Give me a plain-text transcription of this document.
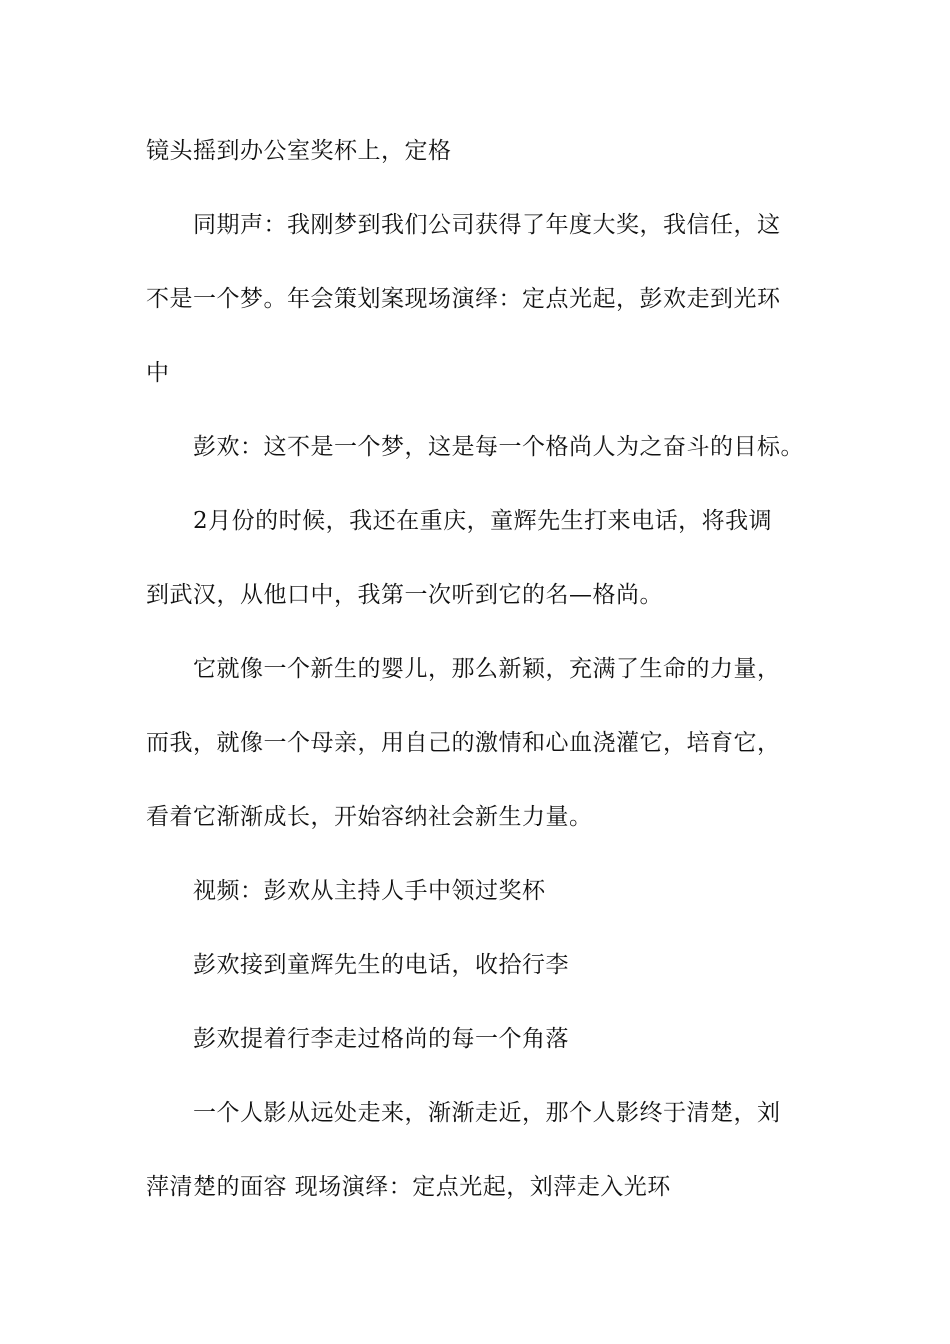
镜头摇到办公室奖杯上，定格
同期声：我刚梦到我们公司获得了年度大奖，我信任，这
不是一个梦。年会策划案现场演绎：定点光起，彭欢走到光环
中
彭欢：这不是一个梦，这是每一个格尚人为之奋斗的目标。
2月份的时候，我还在重庆，童辉先生打来电话，将我调
到武汉，从他口中，我第一次听到它的名—格尚。
它就像一个新生的婴儿，那么新颖，充满了生命的力量，
而我，就像一个母亲，用自己的激情和心血浇灌它，培育它，
看着它渐渐成长，开始容纳社会新生力量。
视频：彭欢从主持人手中领过奖杯
彭欢接到童辉先生的电话，收拾行李
彭欢提着行李走过格尚的每一个角落
一个人影从远处走来，渐渐走近，那个人影终于清楚，刘
萍清楚的面容 现场演绎：定点光起，刘萍走入光环
